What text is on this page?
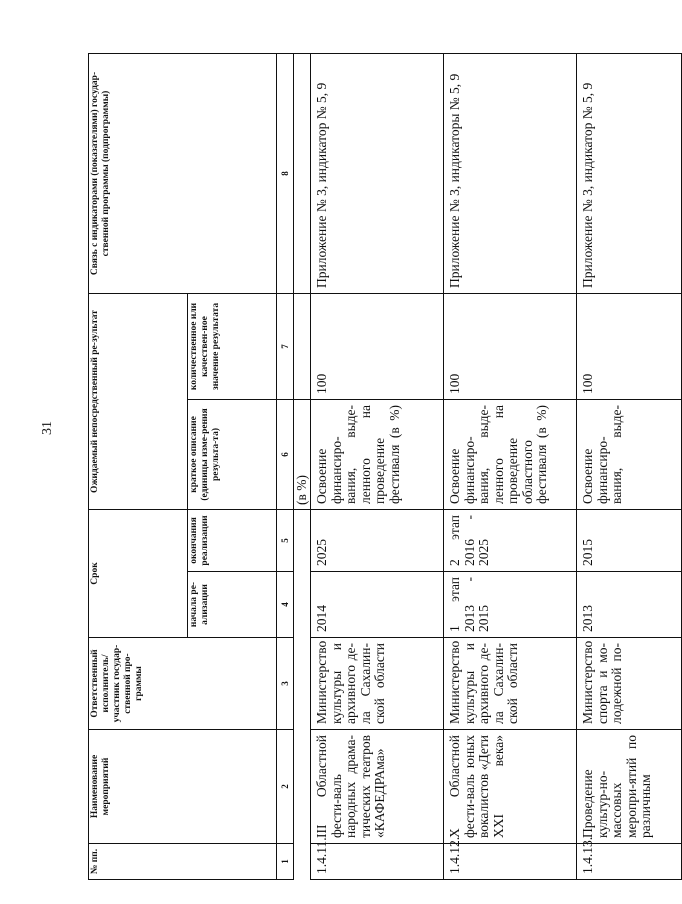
31
№ пп.	Наименование мероприятий	Ответственный исполнитель/ участник государ-ственной про-граммы	Срок		Ожидаемый непосредственный ре-зультат		Связь с индикаторами (показателями) государ-ственной программы (подпрограммы)
			начала ре-ализации	окончания реализации	краткое описание (единицы изме-рения результа-та)	количественное или качествен-ное значение результата	
1	2	3	4	5	6	7	8
					(в %)		
1.4.11.	III Областной фести-валь народных драма-тических театров «КАФЕДРАма»	Министерство культуры и архивного де-ла Сахалин-ской области	2014	2025	Освоение финансиро-вания, выде-ленного на проведение фестиваля (в %)	100	Приложение № 3, индикатор № 5, 9
1.4.12.	X Областной фести-валь юных вокалистов «Дети XXI века»	Министерство культуры и архивного де-ла Сахалин-ской области	1 этап 2013 - 2015	2 этап 2016 - 2025	Освоение финансиро-вания, выде-ленного на проведение областного фестиваля (в %)	100	Приложение № 3, индикаторы № 5, 9
1.4.13.	Проведение культур-но-массовых меропри-ятий по различным	Министерство спорта и мо-лодежной по-	2013	2015	Освоение финансиро-вания, выде-	100	Приложение № 3, индикатор № 5, 9
